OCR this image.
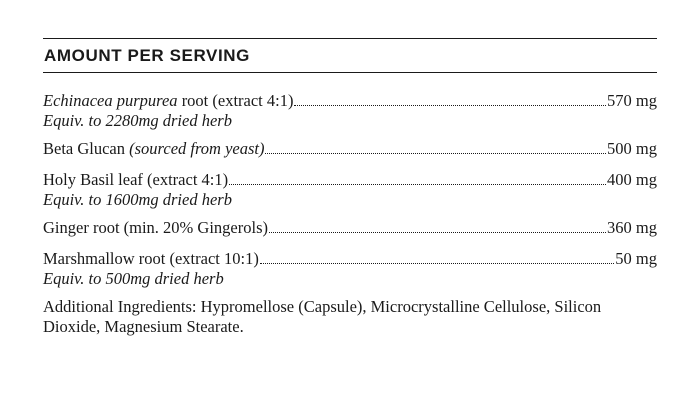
AMOUNT PER SERVING
Echinacea purpurea root (extract 4:1)	570 mg
Equiv. to 2280mg dried herb
Beta Glucan (sourced from yeast)	500 mg
Holy Basil leaf (extract 4:1)	400 mg
Equiv. to 1600mg dried herb
Ginger root (min. 20% Gingerols)	360 mg
Marshmallow root (extract 10:1)	50 mg
Equiv. to 500mg dried herb
Additional Ingredients: Hypromellose (Capsule), Microcrystalline Cellulose, Silicon Dioxide, Magnesium Stearate.
